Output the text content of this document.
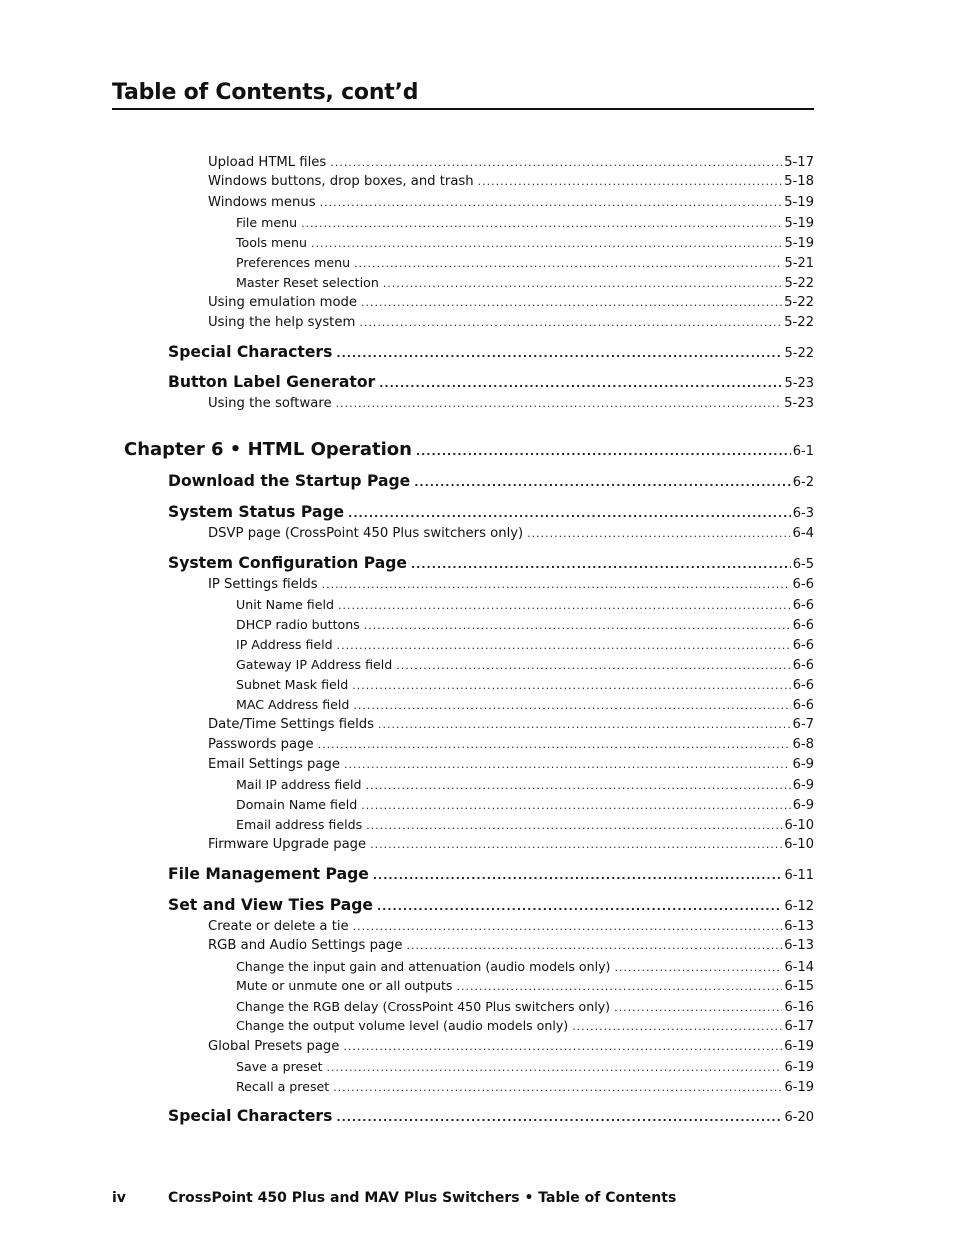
Table of Contents, cont’d
Upload HTML files .....	5-17
Windows buttons, drop boxes, and trash .....	5-18
Windows menus .....	5-19
File menu .....	5-19
Tools menu .....	5-19
Preferences menu .....	5-21
Master Reset selection .....	5-22
Using emulation mode .....	5-22
Using the help system .....	5-22
Special Characters .....	5-22
Button Label Generator .....	5-23
Using the software .....	5-23
Chapter 6 • HTML Operation .....	6-1
Download the Startup Page .....	6-2
System Status Page .....	6-3
DSVP page (CrossPoint 450 Plus switchers only) .....	6-4
System Configuration Page .....	6-5
IP Settings fields .....	6-6
Unit Name field .....	6-6
DHCP radio buttons .....	6-6
IP Address field .....	6-6
Gateway IP Address field .....	6-6
Subnet Mask field .....	6-6
MAC Address field .....	6-6
Date/Time Settings fields .....	6-7
Passwords page .....	6-8
Email Settings page .....	6-9
Mail IP address field .....	6-9
Domain Name field .....	6-9
Email address fields .....	6-10
Firmware Upgrade page .....	6-10
File Management Page .....	6-11
Set and View Ties Page .....	6-12
Create or delete a tie .....	6-13
RGB and Audio Settings page .....	6-13
Change the input gain and attenuation (audio models only) .....	6-14
Mute or unmute one or all outputs .....	6-15
Change the RGB delay (CrossPoint 450 Plus switchers only) .....	6-16
Change the output volume level (audio models only) .....	6-17
Global Presets page .....	6-19
Save a preset .....	6-19
Recall a preset .....	6-19
Special Characters .....	6-20
iv	CrossPoint 450 Plus and MAV Plus Switchers • Table of Contents
